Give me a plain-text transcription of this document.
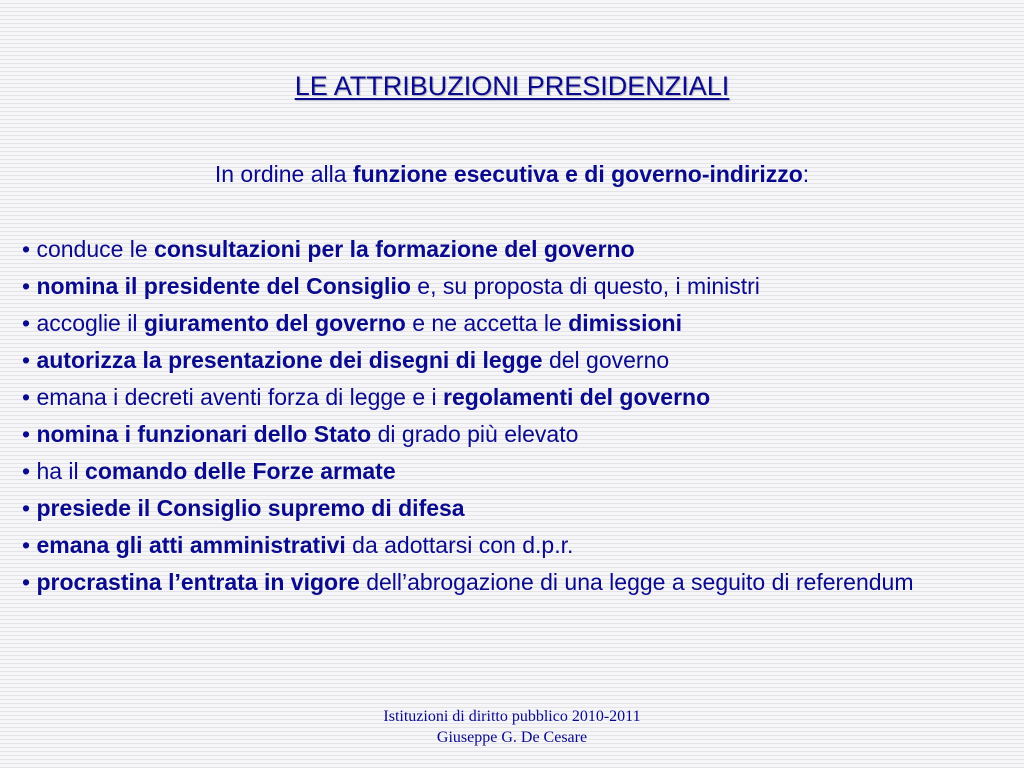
LE ATTRIBUZIONI PRESIDENZIALI
In ordine alla funzione esecutiva e di governo-indirizzo:
• conduce le consultazioni per la formazione del governo
• nomina il presidente del Consiglio e, su proposta di questo, i ministri
• accoglie il giuramento del governo e ne accetta le dimissioni
• autorizza la presentazione dei disegni di legge del governo
• emana i decreti aventi forza di legge e i regolamenti del governo
• nomina i funzionari dello Stato di grado più elevato
• ha il comando delle Forze armate
• presiede il Consiglio supremo di difesa
• emana gli atti amministrativi da adottarsi con d.p.r.
• procrastina l’entrata in vigore dell’abrogazione di una legge a seguito di referendum
Istituzioni di diritto pubblico 2010-2011
Giuseppe G. De Cesare
